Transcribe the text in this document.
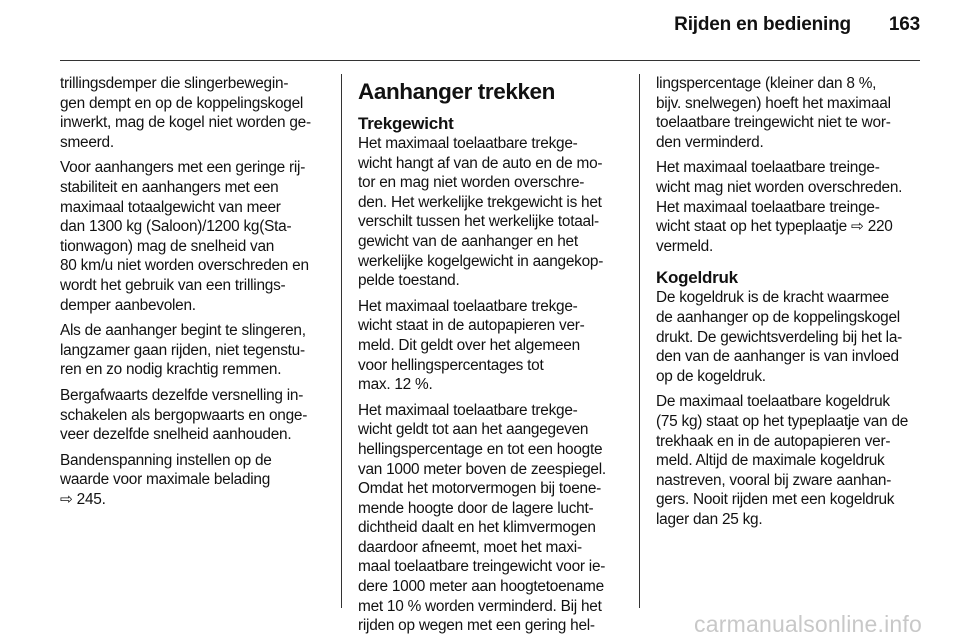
Rijden en bediening 163

trillingsdemper die slingerbewegin-
gen dempt en op de koppelingskogel
inwerkt, mag de kogel niet worden ge-
smeerd.

Voor aanhangers met een geringe rij-
stabiliteit en aanhangers met een
maximaal totaalgewicht van meer
dan 1300 kg (Saloon)/1200 kg(Sta-
tionwagon) mag de snelheid van
80 km/u niet worden overschreden en
wordt het gebruik van een trillings-
demper aanbevolen.

Als de aanhanger begint te slingeren,
langzamer gaan rijden, niet tegenstu-
ren en zo nodig krachtig remmen.

Bergafwaarts dezelfde versnelling in-
schakelen als bergopwaarts en onge-
veer dezelfde snelheid aanhouden.

Bandenspanning instellen op de
waarde voor maximale belading
⇨ 245.

Aanhanger trekken
Trekgewicht

Het maximaal toelaatbare trekge-
wicht hangt af van de auto en de mo-
tor en mag niet worden overschre-
den. Het werkelijke trekgewicht is het
verschilt tussen het werkelijke totaal-
gewicht van de aanhanger en het
werkelijke kogelgewicht in aangekop-
pelde toestand.

Het maximaal toelaatbare trekge-
wicht staat in de autopapieren ver-
meld. Dit geldt over het algemeen
voor hellingspercentages tot
max. 12 %.

Het maximaal toelaatbare trekge-
wicht geldt tot aan het aangegeven
hellingspercentage en tot een hoogte
van 1000 meter boven de zeespiegel.
Omdat het motorvermogen bij toene-
mende hoogte door de lagere lucht-
dichtheid daalt en het klimvermogen
daardoor afneemt, moet het maxi-
maal toelaatbare treingewicht voor ie-
dere 1000 meter aan hoogtetoename
met 10 % worden verminderd. Bij het
rijden op wegen met een gering hel-

lingspercentage (kleiner dan 8 %,
bijv. snelwegen) hoeft het maximaal
toelaatbare treingewicht niet te wor-
den verminderd.

Het maximaal toelaatbare treinge-
wicht mag niet worden overschreden.
Het maximaal toelaatbare treinge-
wicht staat op het typeplaatje ⇨ 220
vermeld.

Kogeldruk

De kogeldruk is de kracht waarmee
de aanhanger op de koppelingskogel
drukt. De gewichtsverdeling bij het la-
den van de aanhanger is van invloed
op de kogeldruk.

De maximaal toelaatbare kogeldruk
(75 kg) staat op het typeplaatje van de
trekhaak en in de autopapieren ver-
meld. Altijd de maximale kogeldruk
nastreven, vooral bij zware aanhan-
gers. Nooit rijden met een kogeldruk
lager dan 25 kg.

carmanualsonline.info
